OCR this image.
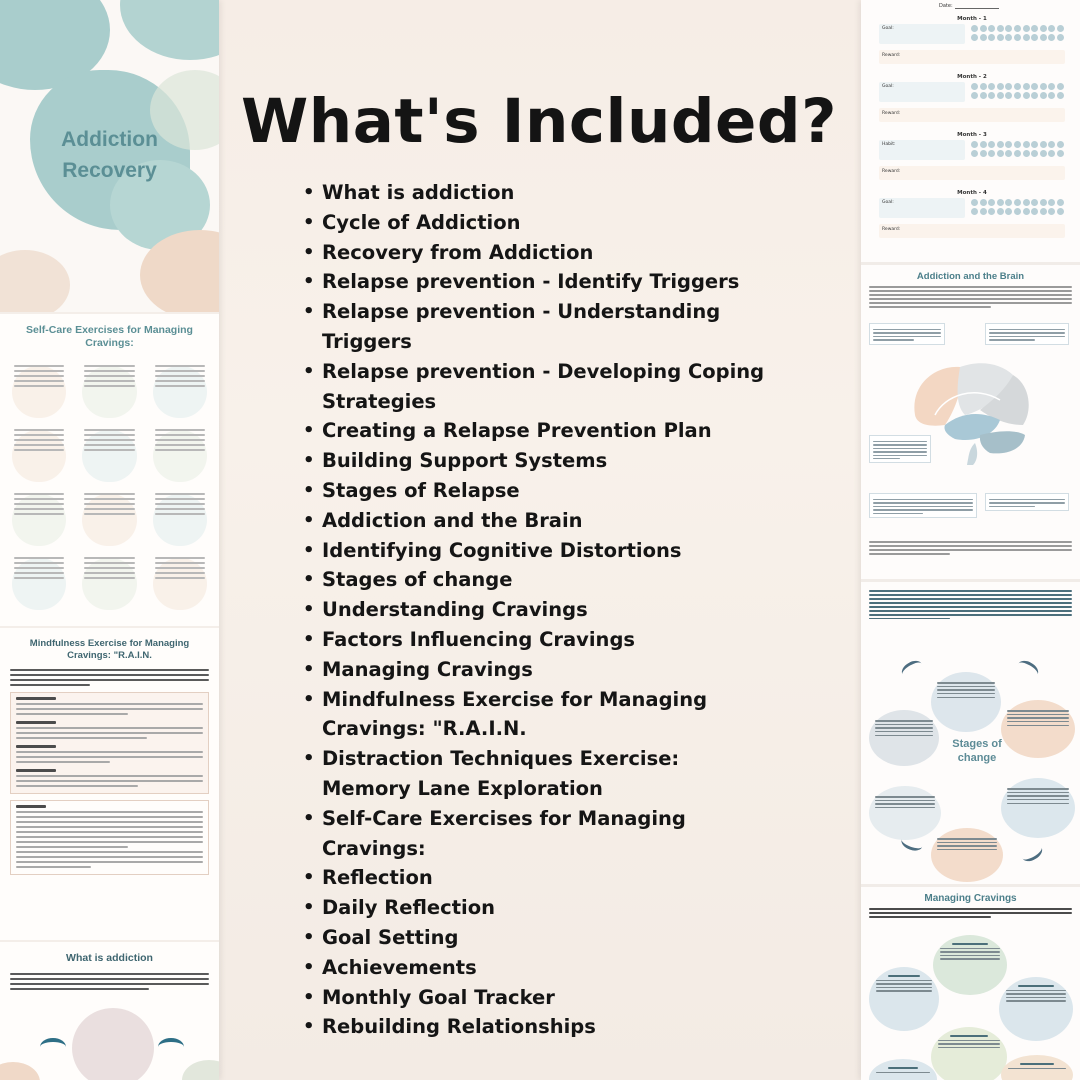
Addiction
Recovery
Self-Care Exercises for Managing Cravings:
Mindfulness Exercise for Managing Cravings: "R.A.I.N.
What is addiction
What's Included?
• What is addiction
• Cycle of Addiction
• Recovery from Addiction
• Relapse prevention - Identify Triggers
• Relapse prevention - Understanding Triggers
• Relapse prevention - Developing Coping Strategies
• Creating a Relapse Prevention Plan
• Building Support Systems
• Stages of Relapse
• Addiction and the Brain
• Identifying Cognitive Distortions
• Stages of change
• Understanding Cravings
• Factors Influencing Cravings
• Managing Cravings
• Mindfulness Exercise for Managing Cravings: "R.A.I.N.
• Distraction Techniques Exercise: Memory Lane Exploration
• Self-Care Exercises for Managing Cravings:
• Reflection
• Daily Reflection
• Goal Setting
• Achievements
• Monthly Goal Tracker
• Rebuilding Relationships
Date:
Month - 1
Goal:
Reward:
Month - 2
Goal:
Reward:
Month - 3
Habit:
Reward:
Month - 4
Goal:
Reward:
Addiction and the Brain
Stages of change
Managing Cravings
